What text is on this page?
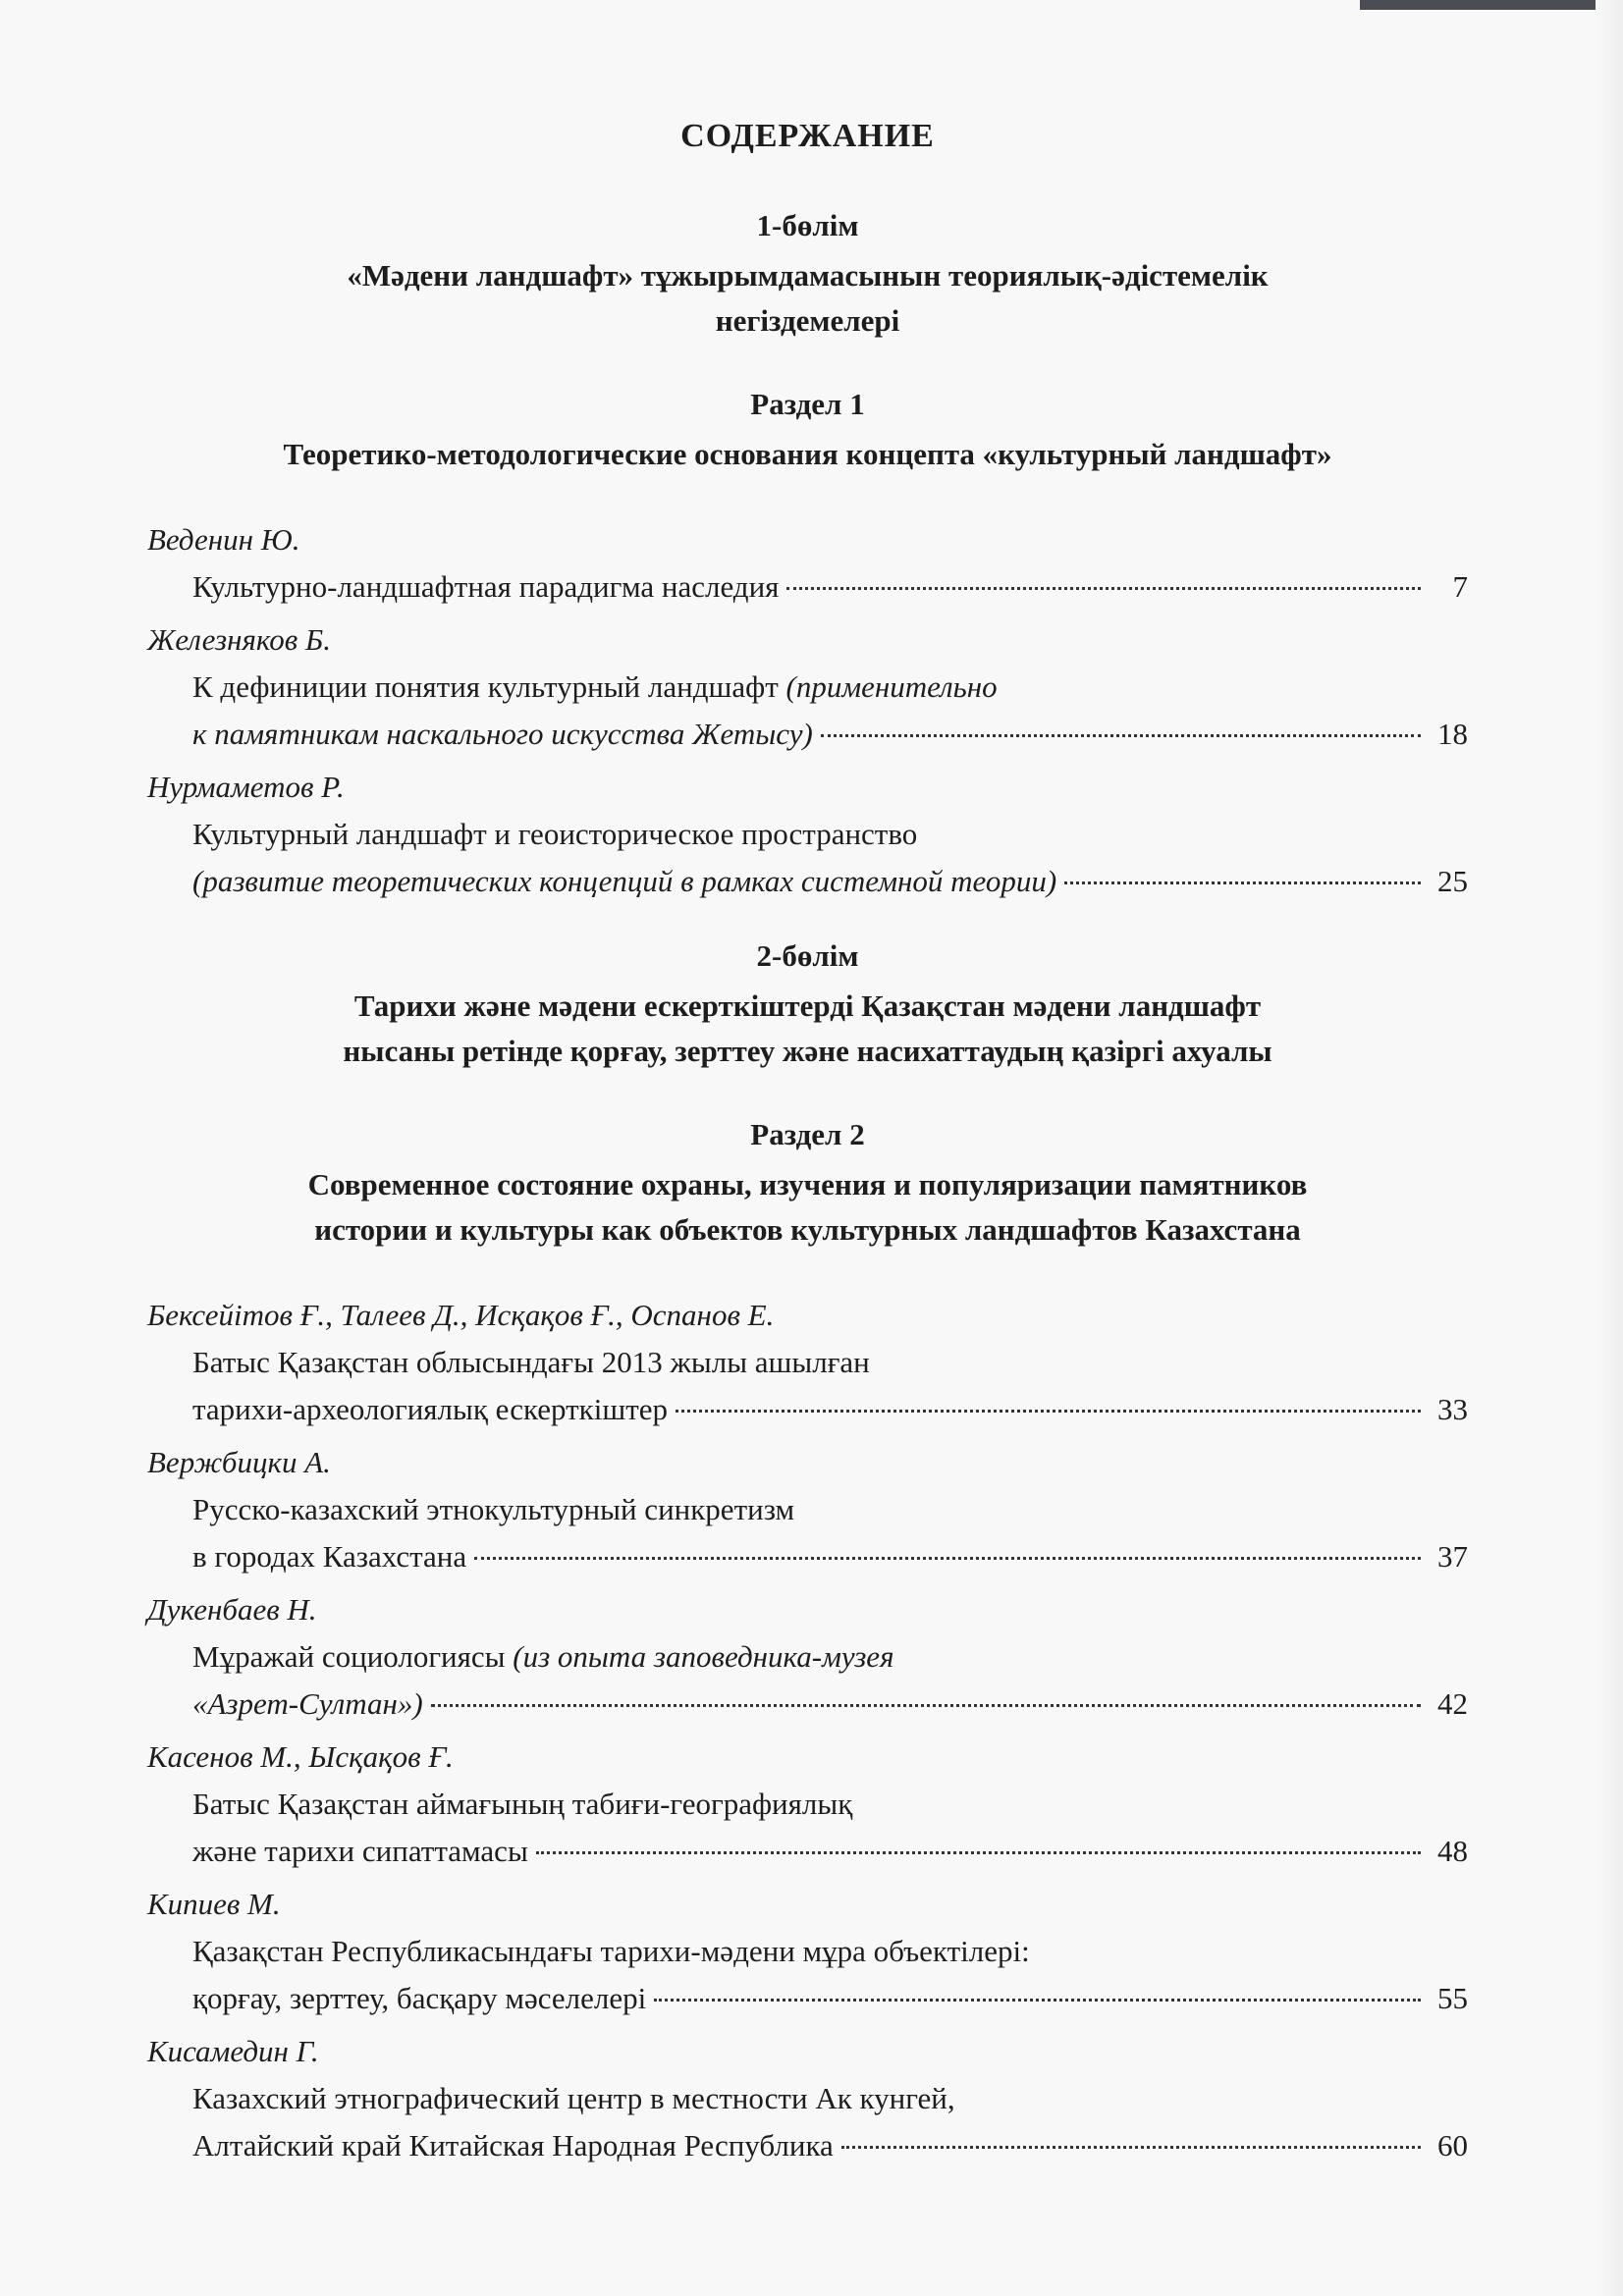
СОДЕРЖАНИЕ
1-бөлім
«Мәдени ландшафт» тұжырымдамасынын теориялық-әдістемелік
негіздемелері
Раздел 1
Теоретико-методологические основания концепта «культурный ландшафт»
Веденин Ю.
Культурно-ландшафтная парадигма наследия	7
Железняков Б.
К дефиниции понятия культурный ландшафт (применительно
к памятникам наскального искусства Жетысу)	18
Нурмаметов Р.
Культурный ландшафт и геоисторическое пространство
(развитие теоретических концепций в рамках системной теории)	25
2-бөлім
Тарихи және мәдени ескерткіштерді Қазақстан мәдени ландшафт
нысаны ретінде қорғау, зерттеу және насихаттаудың қазіргі ахуалы
Раздел 2
Современное состояние охраны, изучения и популяризации памятников
истории и культуры как объектов культурных ландшафтов Казахстана
Бексейітов Ғ., Талеев Д., Исқақов Ғ., Оспанов Е.
Батыс Қазақстан облысындағы 2013 жылы ашылған
тарихи-археологиялық ескерткіштер	33
Вержбицки А.
Русско-казахский этнокультурный синкретизм
в городах Казахстана	37
Дукенбаев Н.
Мұражай социологиясы (из опыта заповедника-музея
«Азрет-Султан»)	42
Касенов М., Ысқақов Ғ.
Батыс Қазақстан аймағының табиғи-географиялық
және тарихи сипаттамасы	48
Кипиев М.
Қазақстан Республикасындағы тарихи-мәдени мұра объектілері:
қорғау, зерттеу, басқару мәселелері	55
Кисамедин Г.
Казахский этнографический центр в местности Ак кунгей,
Алтайский край Китайская Народная Республика	60
